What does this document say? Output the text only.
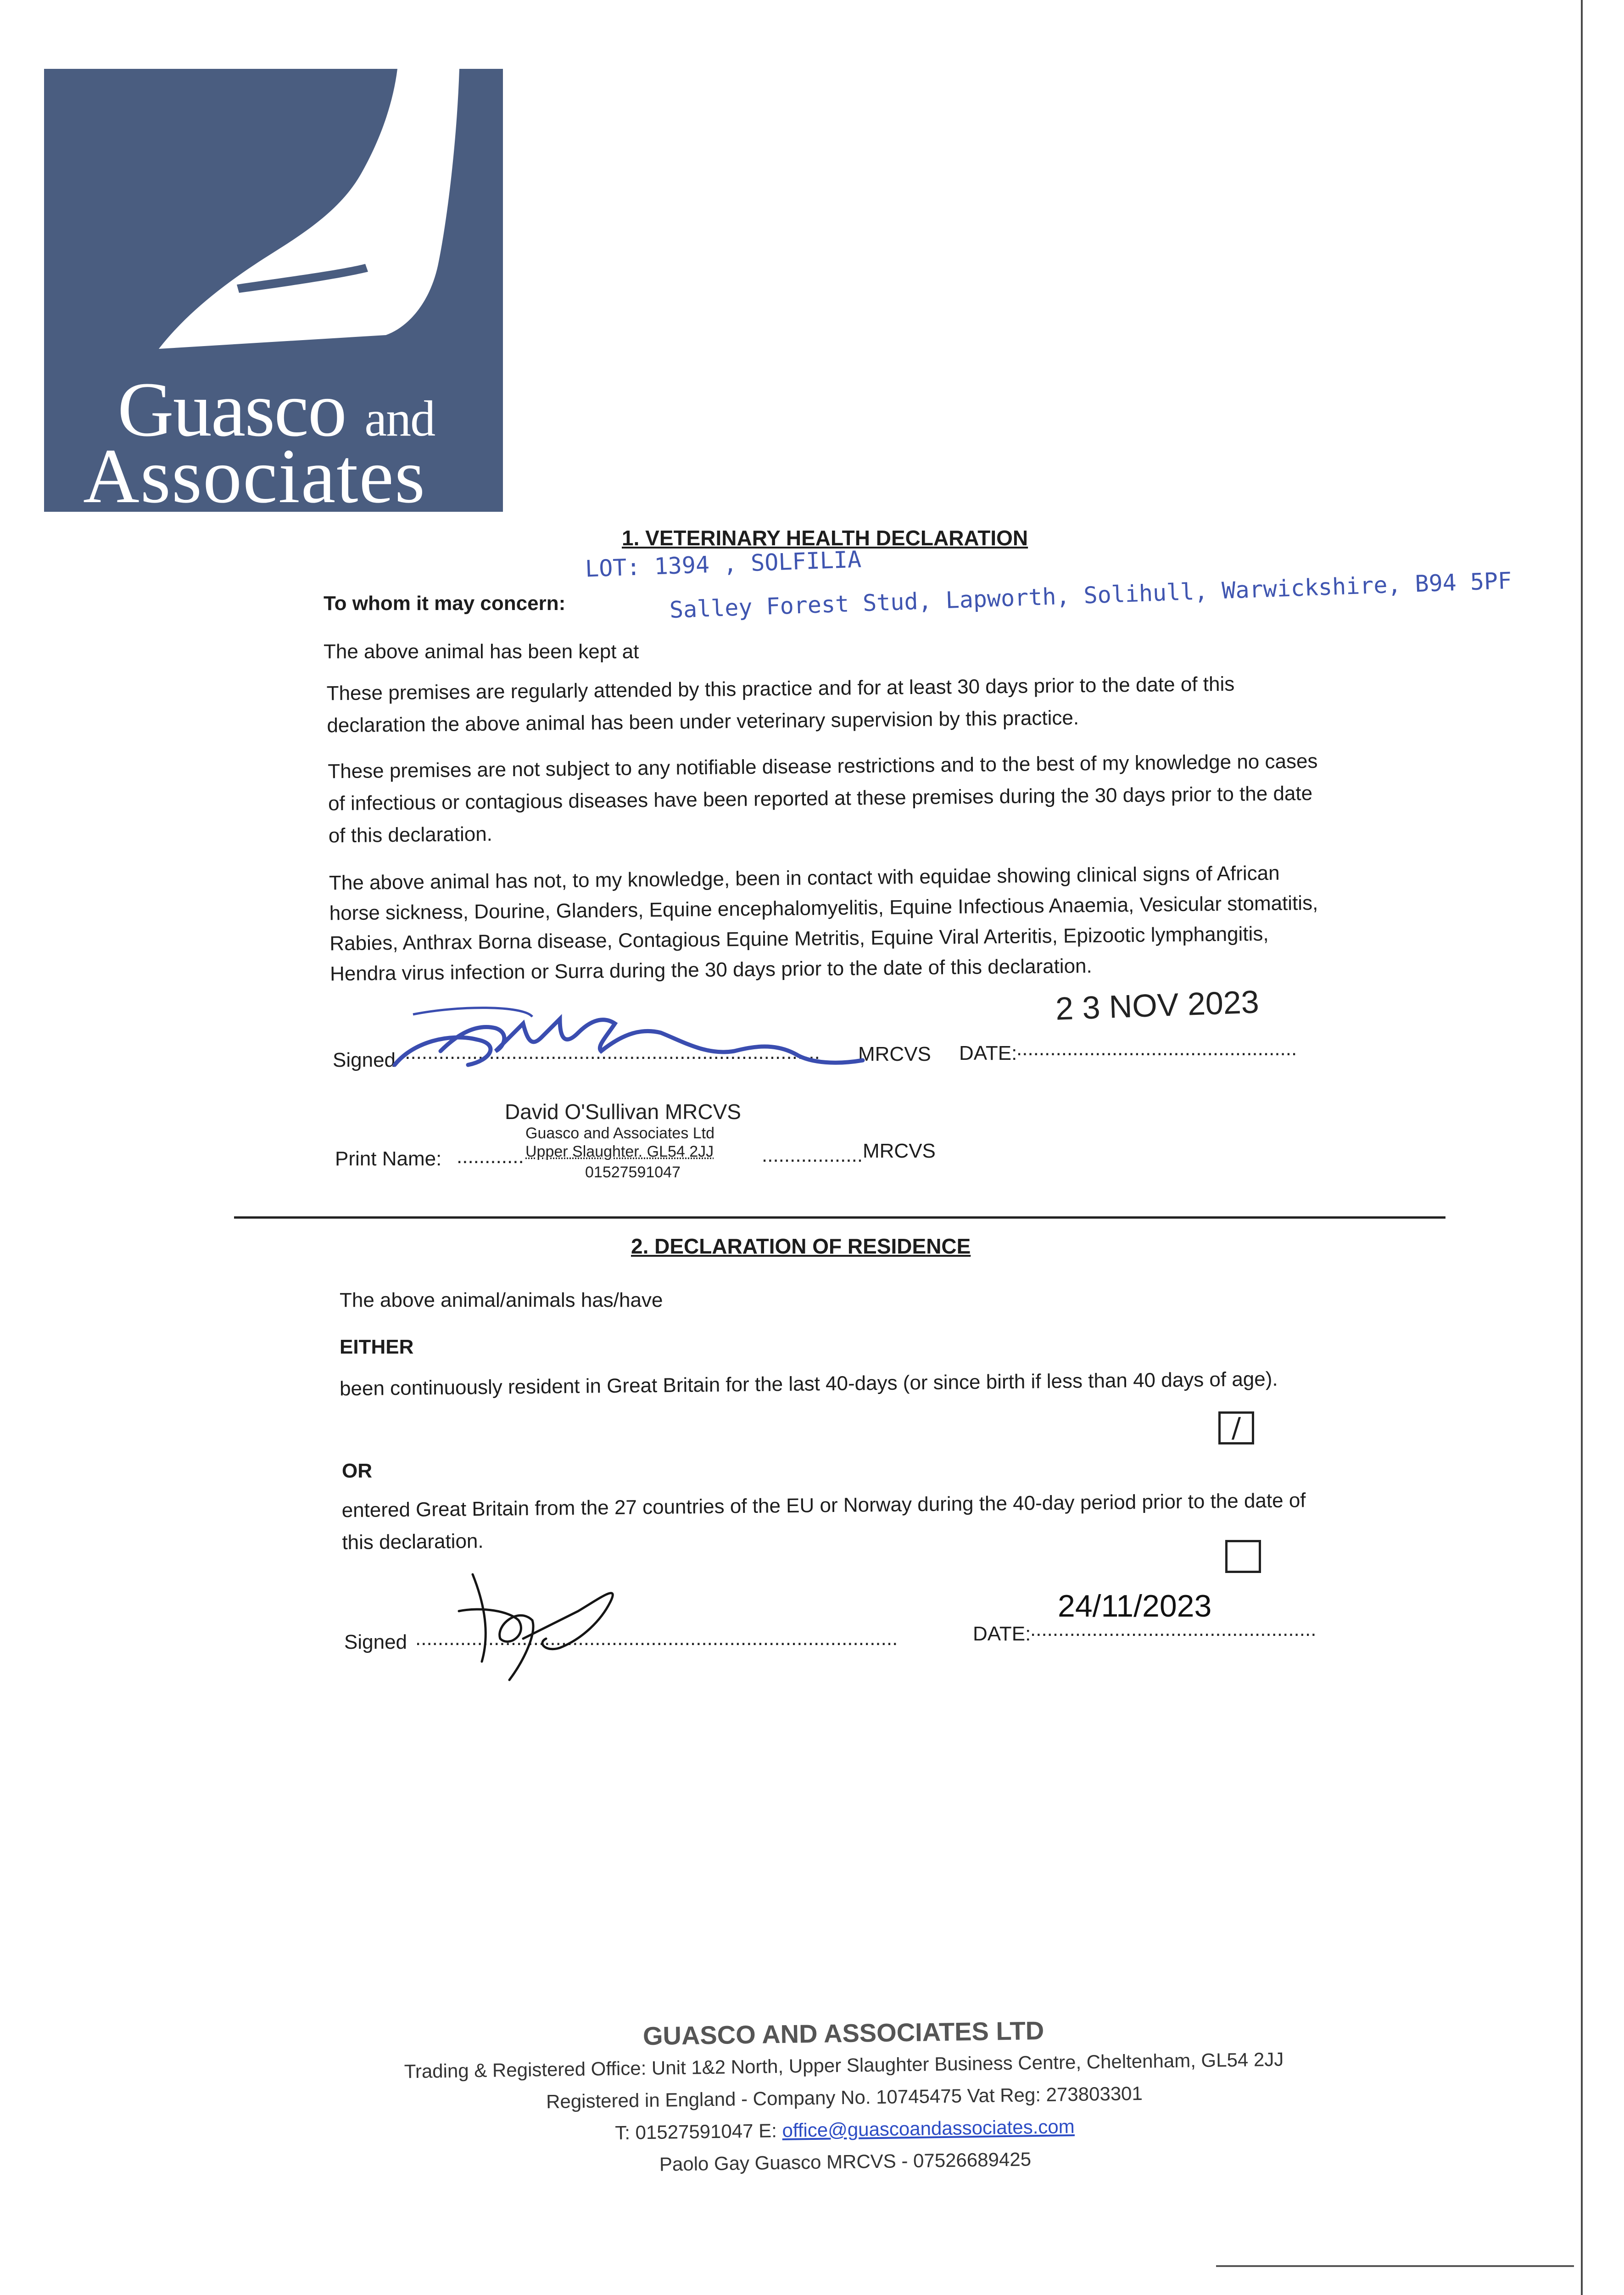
Guasco and
Associates
1. VETERINARY HEALTH DECLARATION
LOT: 1394 , SOLFILIA
To whom it may concern:
The above animal has been kept at
Salley Forest Stud, Lapworth, Solihull, Warwickshire, B94 5PF
These premises are regularly attended by this practice and for at least 30 days prior to the date of this declaration the above animal has been under veterinary supervision by this practice.
These premises are not subject to any notifiable disease restrictions and to the best of my knowledge no cases of infectious or contagious diseases have been reported at these premises during the 30 days prior to the date of this declaration.
The above animal has not, to my knowledge, been in contact with equidae showing clinical signs of African horse sickness, Dourine, Glanders, Equine encephalomyelitis, Equine Infectious Anaemia, Vesicular stomatitis, Rabies, Anthrax Borna disease, Contagious Equine Metritis, Equine Viral Arteritis, Epizootic lymphangitis, Hendra virus infection or Surra during the 30 days prior to the date of this declaration.
Signed ........................................................................... MRCVS DATE:
..................................................
2 3 NOV 2023
Print Name: ............	.................. MRCVS
David O'Sullivan MRCVS
Guasco and Associates Ltd
Upper Slaughter. GL54 2JJ
01527591047
2. DECLARATION OF RESIDENCE
The above animal/animals has/have
EITHER
been continuously resident in Great Britain for the last 40-days (or since birth if less than 40 days of age).
/
OR
entered Great Britain from the 27 countries of the EU or Norway during the 40-day period prior to the date of this declaration.
Signed ......................................................................................	DATE:
...................................................
24/11/2023
GUASCO AND ASSOCIATES LTD
Trading & Registered Office: Unit 1&2 North, Upper Slaughter Business Centre, Cheltenham, GL54 2JJ
Registered in England - Company No. 10745475 Vat Reg: 273803301
T: 01527591047 E: office@guascoandassociates.com
Paolo Gay Guasco MRCVS - 07526689425
